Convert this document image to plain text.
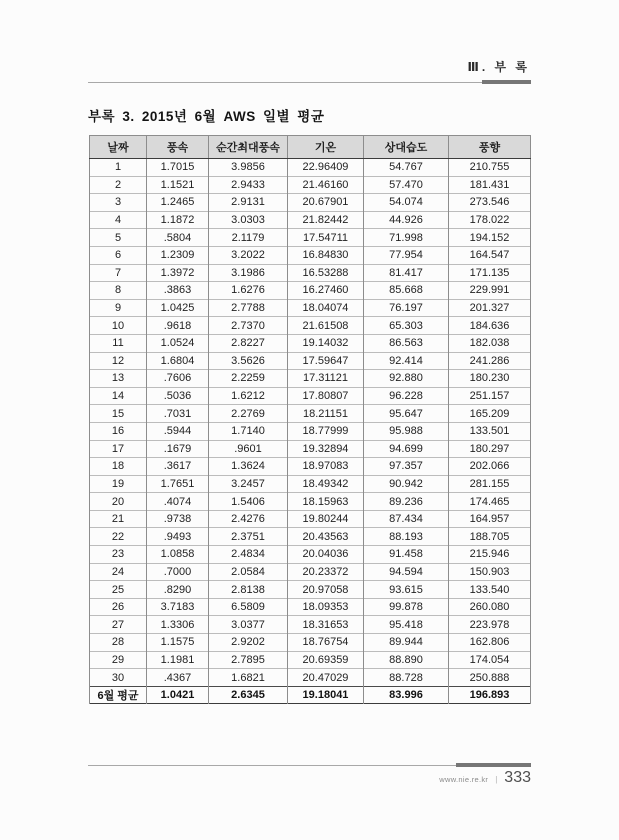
Ⅲ. 부 록
부록 3. 2015년 6월 AWS 일별 평균
날짜	풍속	순간최대풍속	기온	상대습도	풍향
1	1.7015	3.9856	22.96409	54.767	210.755
2	1.1521	2.9433	21.46160	57.470	181.431
3	1.2465	2.9131	20.67901	54.074	273.546
4	1.1872	3.0303	21.82442	44.926	178.022
5	.5804	2.1179	17.54711	71.998	194.152
6	1.2309	3.2022	16.84830	77.954	164.547
7	1.3972	3.1986	16.53288	81.417	171.135
8	.3863	1.6276	16.27460	85.668	229.991
9	1.0425	2.7788	18.04074	76.197	201.327
10	.9618	2.7370	21.61508	65.303	184.636
11	1.0524	2.8227	19.14032	86.563	182.038
12	1.6804	3.5626	17.59647	92.414	241.286
13	.7606	2.2259	17.31121	92.880	180.230
14	.5036	1.6212	17.80807	96.228	251.157
15	.7031	2.2769	18.21151	95.647	165.209
16	.5944	1.7140	18.77999	95.988	133.501
17	.1679	.9601	19.32894	94.699	180.297
18	.3617	1.3624	18.97083	97.357	202.066
19	1.7651	3.2457	18.49342	90.942	281.155
20	.4074	1.5406	18.15963	89.236	174.465
21	.9738	2.4276	19.80244	87.434	164.957
22	.9493	2.3751	20.43563	88.193	188.705
23	1.0858	2.4834	20.04036	91.458	215.946
24	.7000	2.0584	20.23372	94.594	150.903
25	.8290	2.8138	20.97058	93.615	133.540
26	3.7183	6.5809	18.09353	99.878	260.080
27	1.3306	3.0377	18.31653	95.418	223.978
28	1.1575	2.9202	18.76754	89.944	162.806
29	1.1981	2.7895	20.69359	88.890	174.054
30	.4367	1.6821	20.47029	88.728	250.888
6월 평균	1.0421	2.6345	19.18041	83.996	196.893
www.nie.re.kr | 333
